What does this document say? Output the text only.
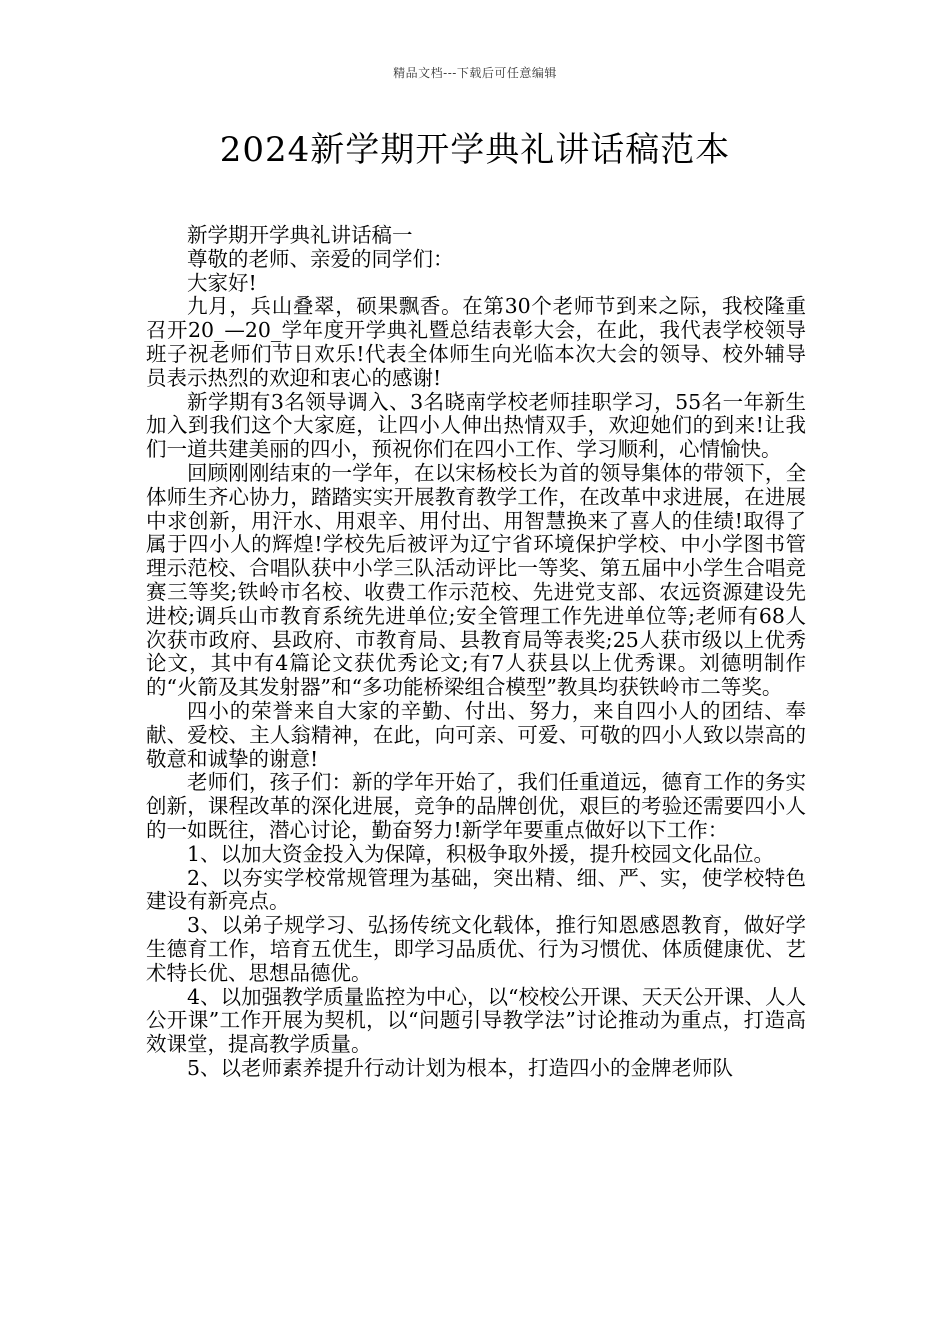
精品文档---下载后可任意编辑
2024新学期开学典礼讲话稿范本

新学期开学典礼讲话稿一

尊敬的老师、亲爱的同学们：

大家好!

九月，兵山叠翠，硕果飘香。在第30个老师节到来之际，我校隆重召开20_—20_学年度开学典礼暨总结表彰大会，在此，我代表学校领导班子祝老师们节日欢乐!代表全体师生向光临本次大会的领导、校外辅导员表示热烈的欢迎和衷心的感谢!

新学期有3名领导调入、3名晓南学校老师挂职学习，55名一年新生加入到我们这个大家庭，让四小人伸出热情双手，欢迎她们的到来!让我们一道共建美丽的四小，预祝你们在四小工作、学习顺利，心情愉快。

回顾刚刚结束的一学年，在以宋杨校长为首的领导集体的带领下，全体师生齐心协力，踏踏实实开展教育教学工作，在改革中求进展，在进展中求创新，用汗水、用艰辛、用付出、用智慧换来了喜人的佳绩!取得了属于四小人的辉煌!学校先后被评为辽宁省环境保护学校、中小学图书管理示范校、合唱队获中小学三队活动评比一等奖、第五届中小学生合唱竞赛三等奖;铁岭市名校、收费工作示范校、先进党支部、农远资源建设先进校;调兵山市教育系统先进单位;安全管理工作先进单位等;老师有68人次获市政府、县政府、市教育局、县教育局等表奖;25人获市级以上优秀论文，其中有4篇论文获优秀论文;有7人获县以上优秀课。刘德明制作的“火箭及其发射器”和“多功能桥梁组合模型”教具均获铁岭市二等奖。

四小的荣誉来自大家的辛勤、付出、努力，来自四小人的团结、奉献、爱校、主人翁精神，在此，向可亲、可爱、可敬的四小人致以崇高的敬意和诚挚的谢意!

老师们，孩子们：新的学年开始了，我们任重道远，德育工作的务实创新，课程改革的深化进展，竞争的品牌创优，艰巨的考验还需要四小人的一如既往，潜心讨论，勤奋努力!新学年要重点做好以下工作：

1、以加大资金投入为保障，积极争取外援，提升校园文化品位。

2、以夯实学校常规管理为基础，突出精、细、严、实，使学校特色建设有新亮点。

3、以弟子规学习、弘扬传统文化载体，推行知恩感恩教育，做好学生德育工作，培育五优生，即学习品质优、行为习惯优、体质健康优、艺术特长优、思想品德优。

4、以加强教学质量监控为中心，以“校校公开课、天天公开课、人人公开课”工作开展为契机，以“问题引导教学法”讨论推动为重点，打造高效课堂，提高教学质量。

5、以老师素养提升行动计划为根本，打造四小的金牌老师队
